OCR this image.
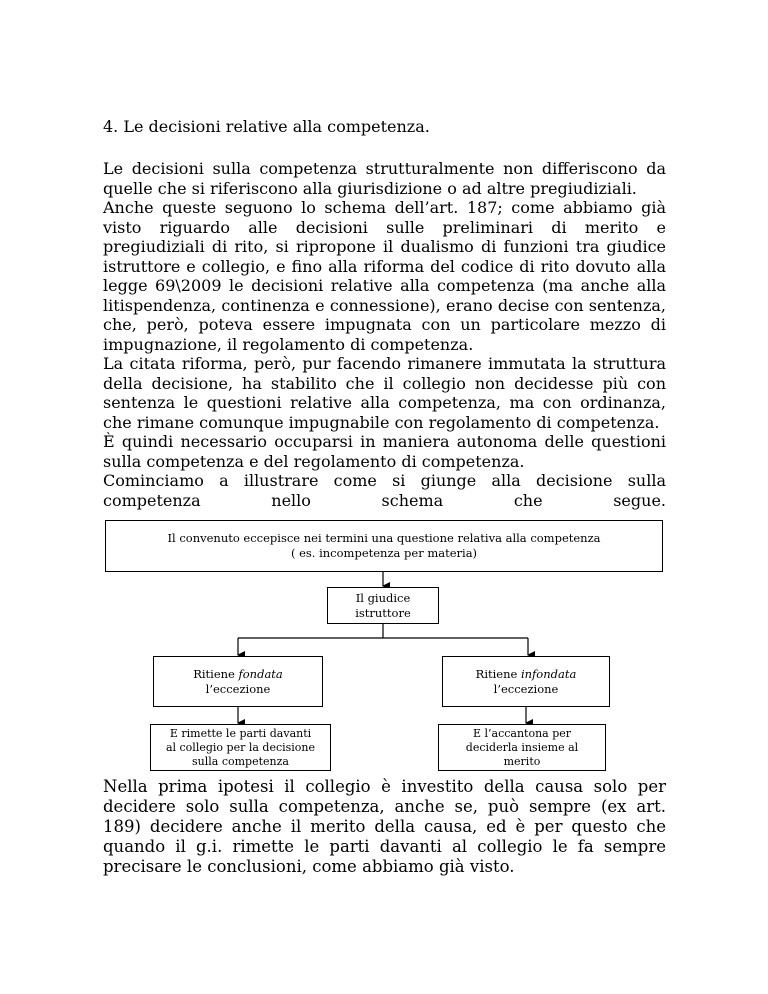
4. Le decisioni relative alla competenza.

Le decisioni sulla competenza strutturalmente non differiscono da quelle che si riferiscono alla giurisdizione o ad altre pregiudiziali.

Anche queste seguono lo schema dell’art. 187; come abbiamo già visto riguardo alle decisioni sulle preliminari di merito e pregiudiziali di rito, si ripropone il dualismo di funzioni tra giudice istruttore e collegio, e fino alla riforma del codice di rito dovuto alla legge 69\2009 le decisioni relative alla competenza (ma anche alla litispendenza, continenza e connessione), erano decise con sentenza, che, però, poteva essere impugnata con un particolare mezzo di impugnazione, il regolamento di competenza.

La citata riforma, però, pur facendo rimanere immutata la struttura della decisione, ha stabilito che il collegio non decidesse più con sentenza le questioni relative alla competenza, ma con ordinanza, che rimane comunque impugnabile con regolamento di competenza.

È quindi necessario occuparsi in maniera autonoma delle questioni sulla competenza e del regolamento di competenza.

Cominciamo a illustrare come si giunge alla decisione sulla competenza nello schema che segue.

Il convenuto eccepisce nei termini una questione relativa alla competenza
( es. incompetenza per materia)
Il giudice
istruttore
Ritiene fondata
l’eccezione
Ritiene infondata
l’eccezione
E rimette le parti davanti
al collegio per la decisione
sulla competenza
E l’accantona per
deciderla insieme al
merito
Nella prima ipotesi il collegio è investito della causa solo per decidere solo sulla competenza, anche se, può sempre (ex art. 189) decidere anche il merito della causa, ed è per questo che quando il g.i. rimette le parti davanti al collegio le fa sempre precisare le conclusioni, come abbiamo già visto.
